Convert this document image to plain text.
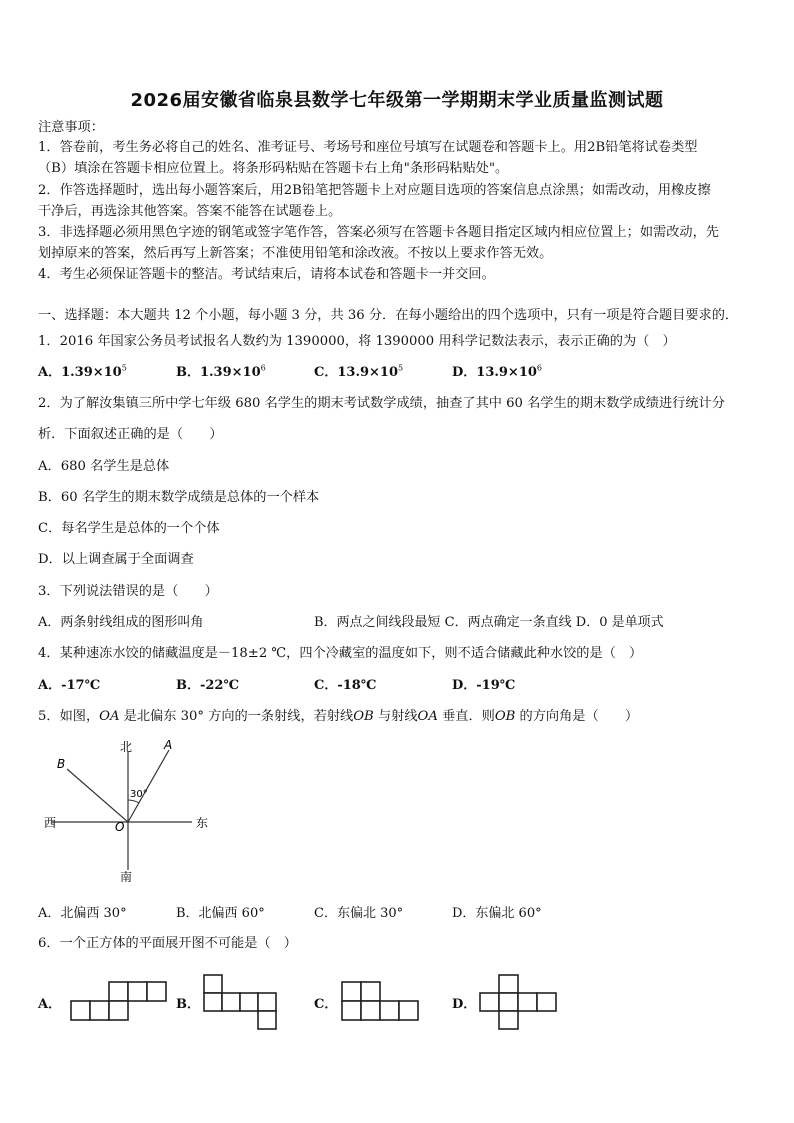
2026届安徽省临泉县数学七年级第一学期期末学业质量监测试题
注意事项：
1．答卷前，考生务必将自己的姓名、准考证号、考场号和座位号填写在试题卷和答题卡上。用2B铅笔将试卷类型
（B）填涂在答题卡相应位置上。将条形码粘贴在答题卡右上角"条形码粘贴处"。
2．作答选择题时，选出每小题答案后，用2B铅笔把答题卡上对应题目选项的答案信息点涂黑；如需改动，用橡皮擦
干净后，再选涂其他答案。答案不能答在试题卷上。
3．非选择题必须用黑色字迹的钢笔或签字笔作答，答案必须写在答题卡各题目指定区域内相应位置上；如需改动，先
划掉原来的答案，然后再写上新答案；不准使用铅笔和涂改液。不按以上要求作答无效。
4．考生必须保证答题卡的整洁。考试结束后，请将本试卷和答题卡一并交回。
一、选择题：本大题共 12 个小题，每小题 3 分，共 36 分．在每小题给出的四个选项中，只有一项是符合题目要求的．
1．2016 年国家公务员考试报名人数约为 1390000，将 1390000 用科学记数法表示，表示正确的为（　）
A．$1.39\times 10^5$	B．$1.39\times 10^6$	C．$13.9\times 10^5$	D．$13.9\times 10^6$
2．为了解汝集镇三所中学七年级 680 名学生的期末考试数学成绩，抽查了其中 60 名学生的期末数学成绩进行统计分
析．下面叙述正确的是（　　）
A．680 名学生是总体
B．60 名学生的期末数学成绩是总体的一个样本
C．每名学生是总体的一个个体
D．以上调查属于全面调查
3．下列说法错误的是（　　）
A．两条射线组成的图形叫角	B．两点之间线段最短 C．两点确定一条直线 D．0 是单项式
4．某种速冻水饺的储藏温度是－18±2 ℃，四个冷藏室的温度如下，则不适合储藏此种水饺的是（　）
A．-17℃	B．-22℃	C．-18℃	D．-19℃
5．如图，OA 是北偏东 30° 方向的一条射线，若射线OB 与射线OA 垂直．则OB 的方向角是（　　）
北
南
西	东
A
B
O
30°
A．北偏西 30°	B．北偏西 60°	C．东偏北 30°	D．东偏北 60°
6．一个正方体的平面展开图不可能是（　）
A．	B．	C．	D．
